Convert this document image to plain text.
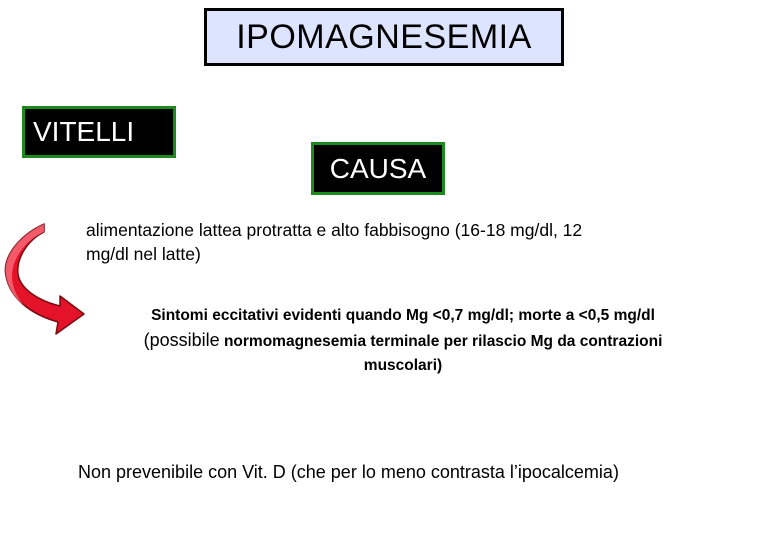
IPOMAGNESEMIA
VITELLI
CAUSA
alimentazione lattea protratta e alto fabbisogno (16-18 mg/dl, 12
mg/dl nel latte)
Sintomi eccitativi evidenti quando Mg <0,7 mg/dl; morte a <0,5 mg/dl
(possibile normomagnesemia terminale per rilascio Mg da contrazioni
muscolari)
Non prevenibile con Vit. D (che per lo meno contrasta l’ipocalcemia)
